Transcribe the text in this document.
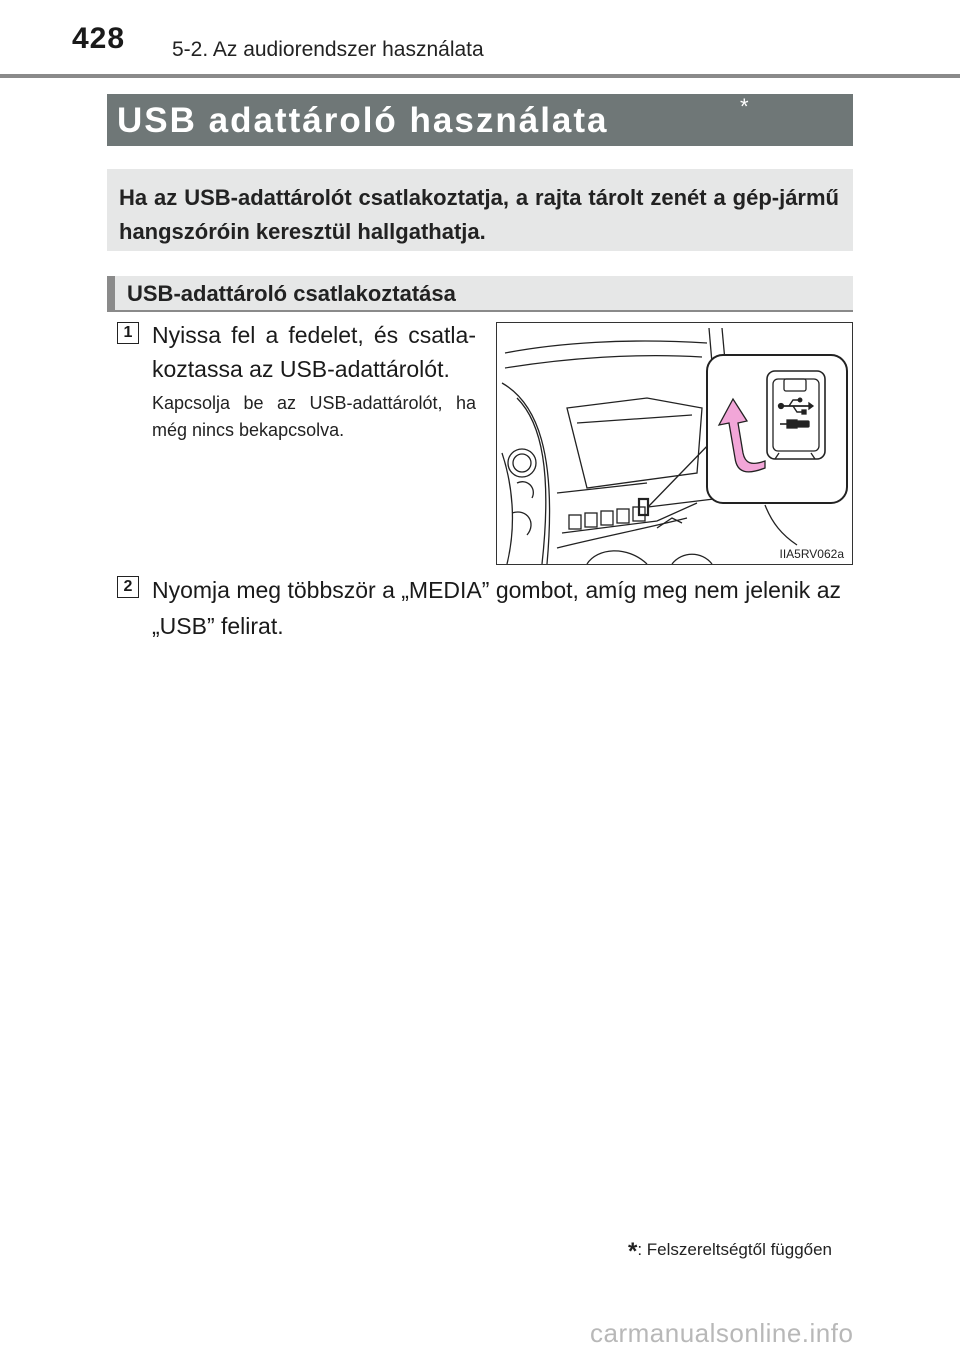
428 5-2. Az audiorendszer használata
USB adattároló használata	*
Ha az USB-adattárolót csatlakoztatja, a rajta tárolt zenét a gép-jármű hangszóróin keresztül hallgathatja.
USB-adattároló csatlakoztatása
1 Nyissa fel a fedelet, és csatla-koztassa az USB-adattárolót.
Kapcsolja be az USB-adattárolót, ha még nincs bekapcsolva.
IIA5RV062a
2 Nyomja meg többször a „MEDIA” gombot, amíg meg nem jelenik az „USB” felirat.
*: Felszereltségtől függően
carmanualsonline.info
